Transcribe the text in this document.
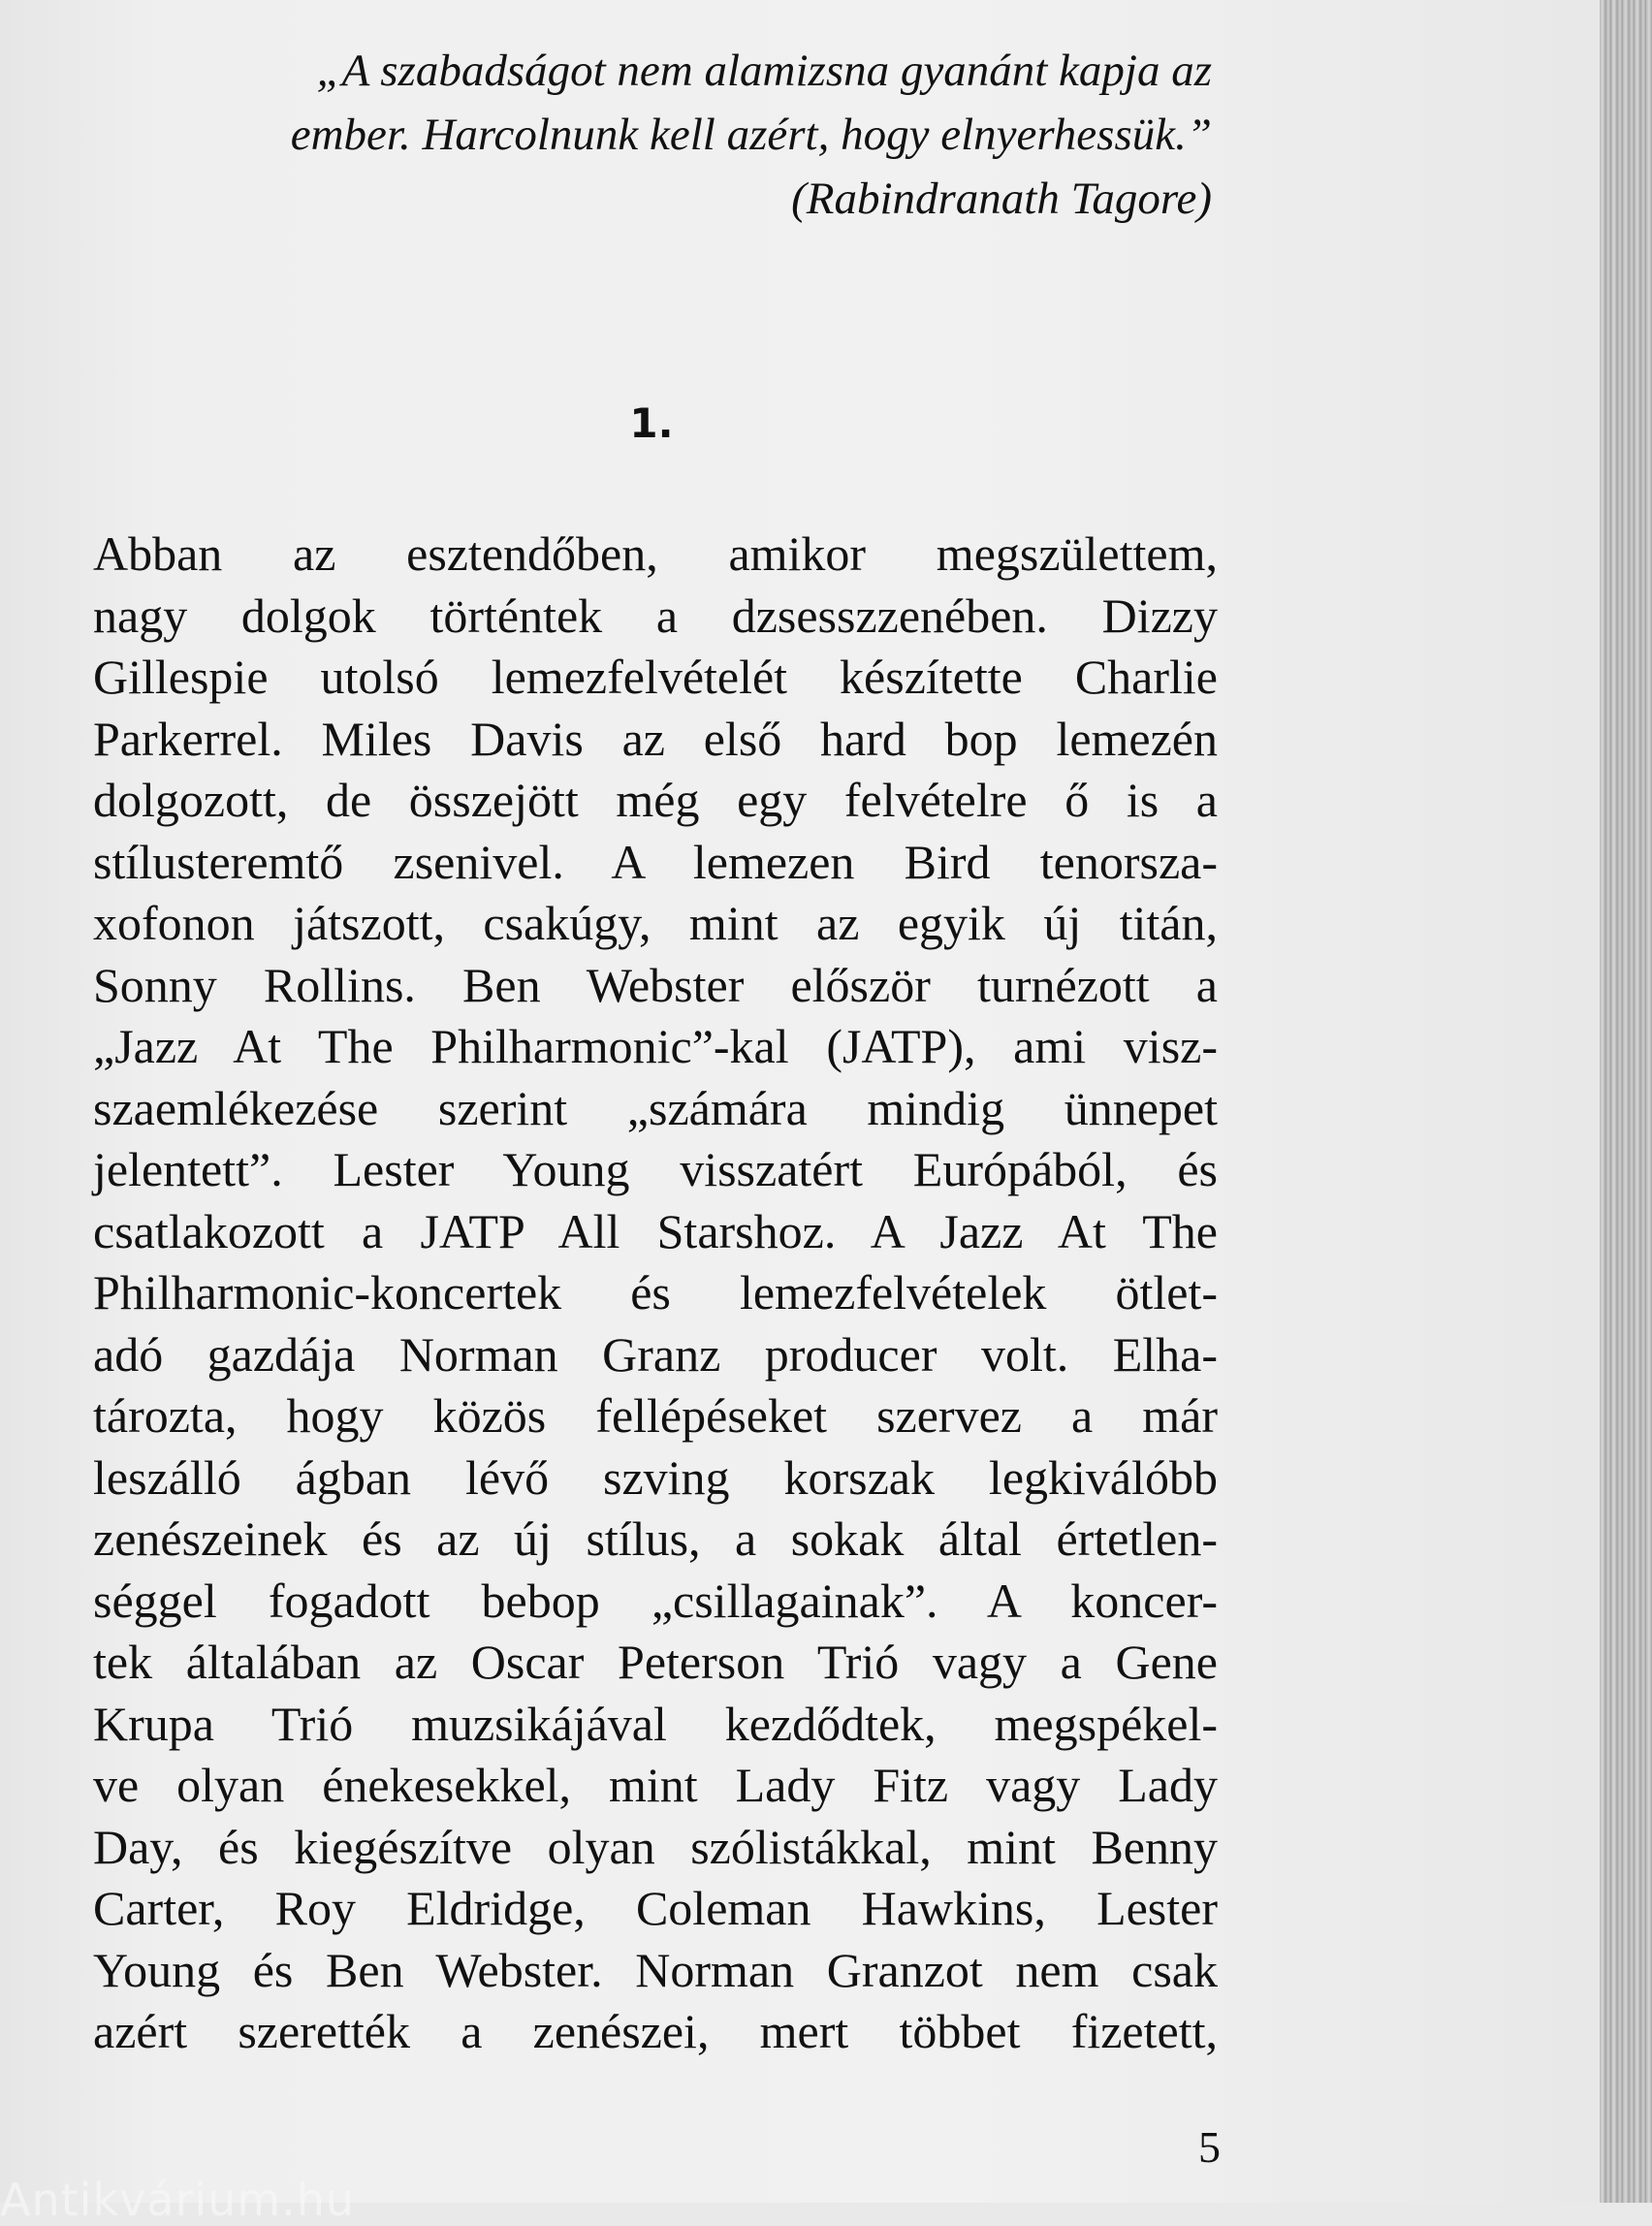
„A szabadságot nem alamizsna gyanánt kapja az
ember. Harcolnunk kell azért, hogy elnyerhessük.”
(Rabindranath Tagore)

1.

Abban az esztendőben, amikor megszülettem,
nagy dolgok történtek a dzsesszzenében. Dizzy
Gillespie utolsó lemezfelvételét készítette Charlie
Parkerrel. Miles Davis az első hard bop lemezén
dolgozott, de összejött még egy felvételre ő is a
stílusteremtő zsenivel. A lemezen Bird tenorsza-
xofonon játszott, csakúgy, mint az egyik új titán,
Sonny Rollins. Ben Webster először turnézott a
„Jazz At The Philharmonic”-kal (JATP), ami visz-
szaemlékezése szerint „számára mindig ünnepet
jelentett”. Lester Young visszatért Európából, és
csatlakozott a JATP All Starshoz. A Jazz At The
Philharmonic-koncertek és lemezfelvételek ötlet-
adó gazdája Norman Granz producer volt. Elha-
tározta, hogy közös fellépéseket szervez a már
leszálló ágban lévő szving korszak legkiválóbb
zenészeinek és az új stílus, a sokak által értetlen-
séggel fogadott bebop „csillagainak”. A koncer-
tek általában az Oscar Peterson Trió vagy a Gene
Krupa Trió muzsikájával kezdődtek, megspékel-
ve olyan énekesekkel, mint Lady Fitz vagy Lady
Day, és kiegészítve olyan szólistákkal, mint Benny
Carter, Roy Eldridge, Coleman Hawkins, Lester
Young és Ben Webster. Norman Granzot nem csak
azért szerették a zenészei, mert többet fizetett,

5

Antikvárium.hu
